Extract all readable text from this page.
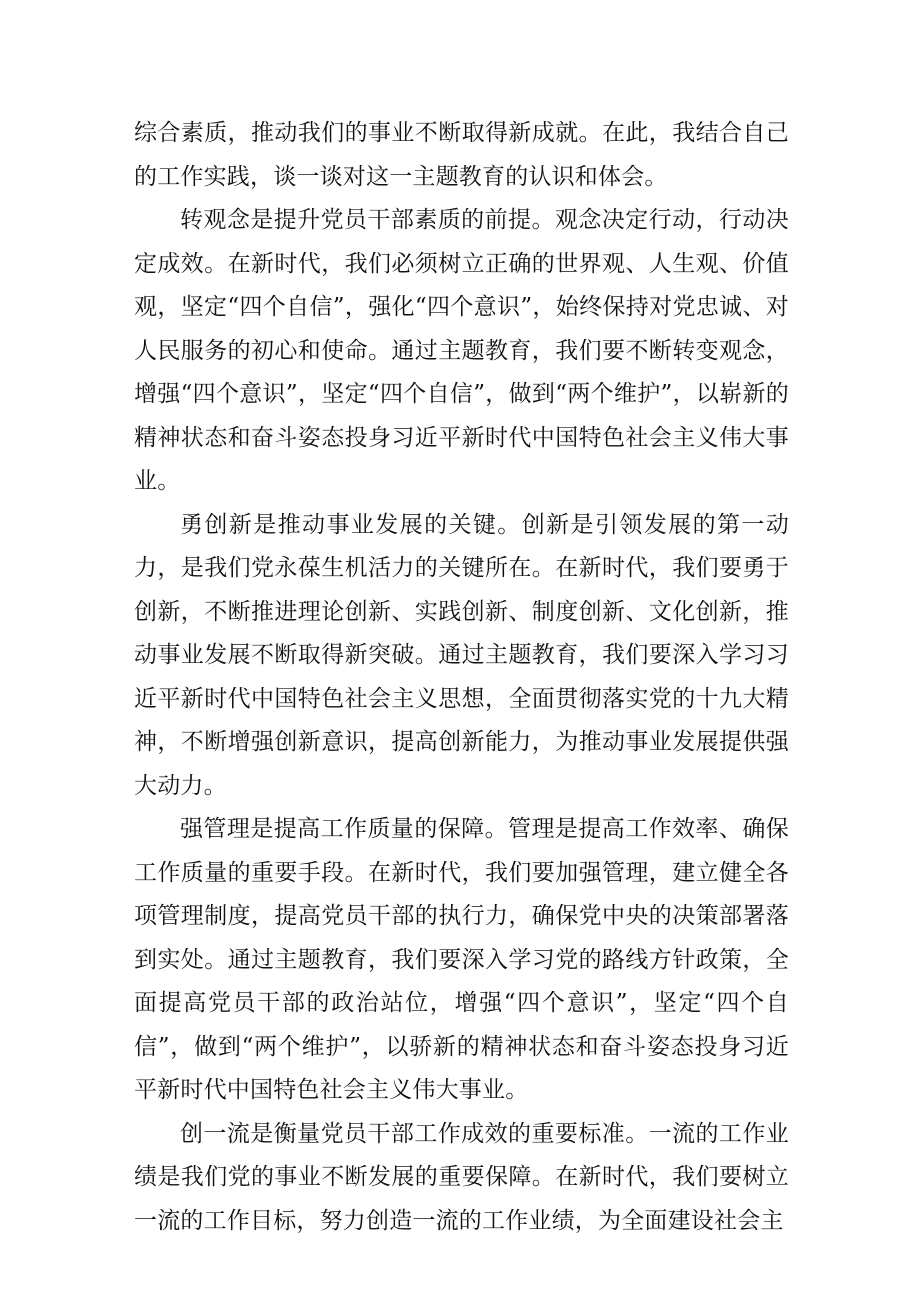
综合素质，推动我们的事业不断取得新成就。在此，我结合自己的工作实践，谈一谈对这一主题教育的认识和体会。

转观念是提升党员干部素质的前提。观念决定行动，行动决定成效。在新时代，我们必须树立正确的世界观、人生观、价值观，坚定“四个自信”，强化“四个意识”，始终保持对党忠诚、对人民服务的初心和使命。通过主题教育，我们要不断转变观念，增强“四个意识”，坚定“四个自信”，做到“两个维护”，以崭新的精神状态和奋斗姿态投身习近平新时代中国特色社会主义伟大事业。

勇创新是推动事业发展的关键。创新是引领发展的第一动力，是我们党永葆生机活力的关键所在。在新时代，我们要勇于创新，不断推进理论创新、实践创新、制度创新、文化创新，推动事业发展不断取得新突破。通过主题教育，我们要深入学习习近平新时代中国特色社会主义思想，全面贯彻落实党的十九大精神，不断增强创新意识，提高创新能力，为推动事业发展提供强大动力。

强管理是提高工作质量的保障。管理是提高工作效率、确保工作质量的重要手段。在新时代，我们要加强管理，建立健全各项管理制度，提高党员干部的执行力，确保党中央的决策部署落到实处。通过主题教育，我们要深入学习党的路线方针政策，全面提高党员干部的政治站位，增强“四个意识”，坚定“四个自信”，做到“两个维护”，以骄新的精神状态和奋斗姿态投身习近平新时代中国特色社会主义伟大事业。

创一流是衡量党员干部工作成效的重要标准。一流的工作业绩是我们党的事业不断发展的重要保障。在新时代，我们要树立一流的工作目标，努力创造一流的工作业绩，为全面建设社会主
